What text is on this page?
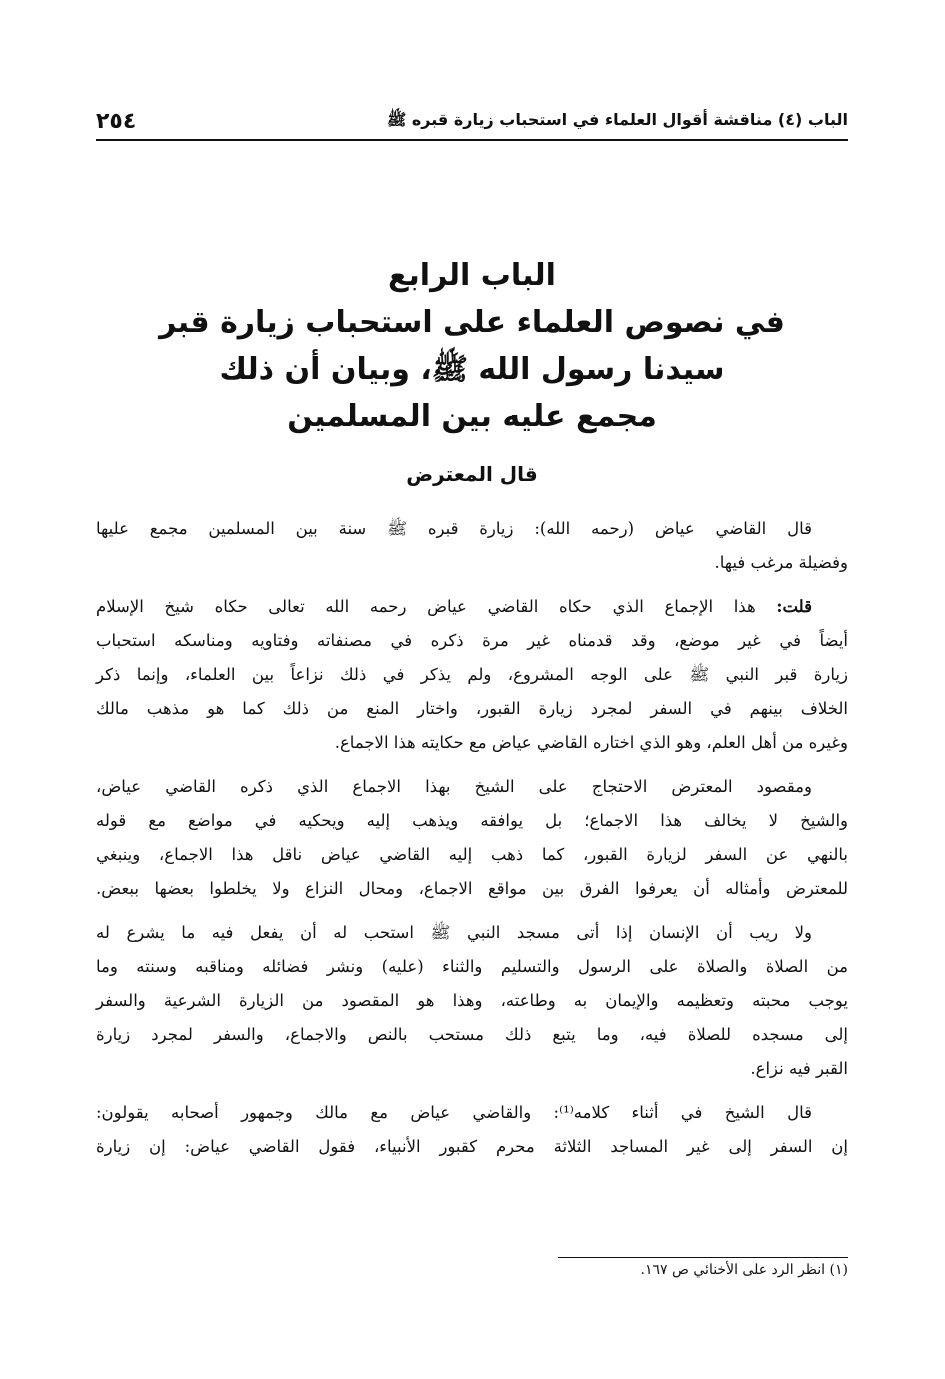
الباب (٤) مناقشة أقوال العلماء في استحباب زيارة قبره ﷺ
٢٥٤
الباب الرابع
في نصوص العلماء على استحباب زيارة قبر
سيدنا رسول الله ﷺ، وبيان أن ذلك
مجمع عليه بين المسلمين
قال المعترض
قال القاضي عياض (رحمه الله): زيارة قبره ﷺ سنة بين المسلمين مجمع عليها
وفضيلة مرغب فيها.
قلت: هذا الإجماع الذي حكاه القاضي عياض رحمه الله تعالى حكاه شيخ الإسلام
أيضاً في غير موضع، وقد قدمناه غير مرة ذكره في مصنفاته وفتاويه ومناسكه استحباب
زيارة قبر النبي ﷺ على الوجه المشروع، ولم يذكر في ذلك نزاعاً بين العلماء، وإنما ذكر
الخلاف بينهم في السفر لمجرد زيارة القبور، واختار المنع من ذلك كما هو مذهب مالك
وغيره من أهل العلم، وهو الذي اختاره القاضي عياض مع حكايته هذا الاجماع.
ومقصود المعترض الاحتجاج على الشيخ بهذا الاجماع الذي ذكره القاضي عياض،
والشيخ لا يخالف هذا الاجماع؛ بل يوافقه ويذهب إليه ويحكيه في مواضع مع قوله
بالنهي عن السفر لزيارة القبور، كما ذهب إليه القاضي عياض ناقل هذا الاجماع، وينبغي
للمعترض وأمثاله أن يعرفوا الفرق بين مواقع الاجماع، ومحال النزاع ولا يخلطوا بعضها ببعض.
ولا ريب أن الإنسان إذا أتى مسجد النبي ﷺ استحب له أن يفعل فيه ما يشرع له
من الصلاة والصلاة على الرسول والتسليم والثناء (عليه) ونشر فضائله ومناقبه وسنته وما
يوجب محبته وتعظيمه والإيمان به وطاعته، وهذا هو المقصود من الزيارة الشرعية والسفر
إلى مسجده للصلاة فيه، وما يتبع ذلك مستحب بالنص والاجماع، والسفر لمجرد زيارة
القبر فيه نزاع.
قال الشيخ في أثناء كلامه⁽¹⁾: والقاضي عياض مع مالك وجمهور أصحابه يقولون:
إن السفر إلى غير المساجد الثلاثة محرم كقبور الأنبياء، فقول القاضي عياض: إن زيارة
(١) انظر الرد على الأخنائي ص ١٦٧.
